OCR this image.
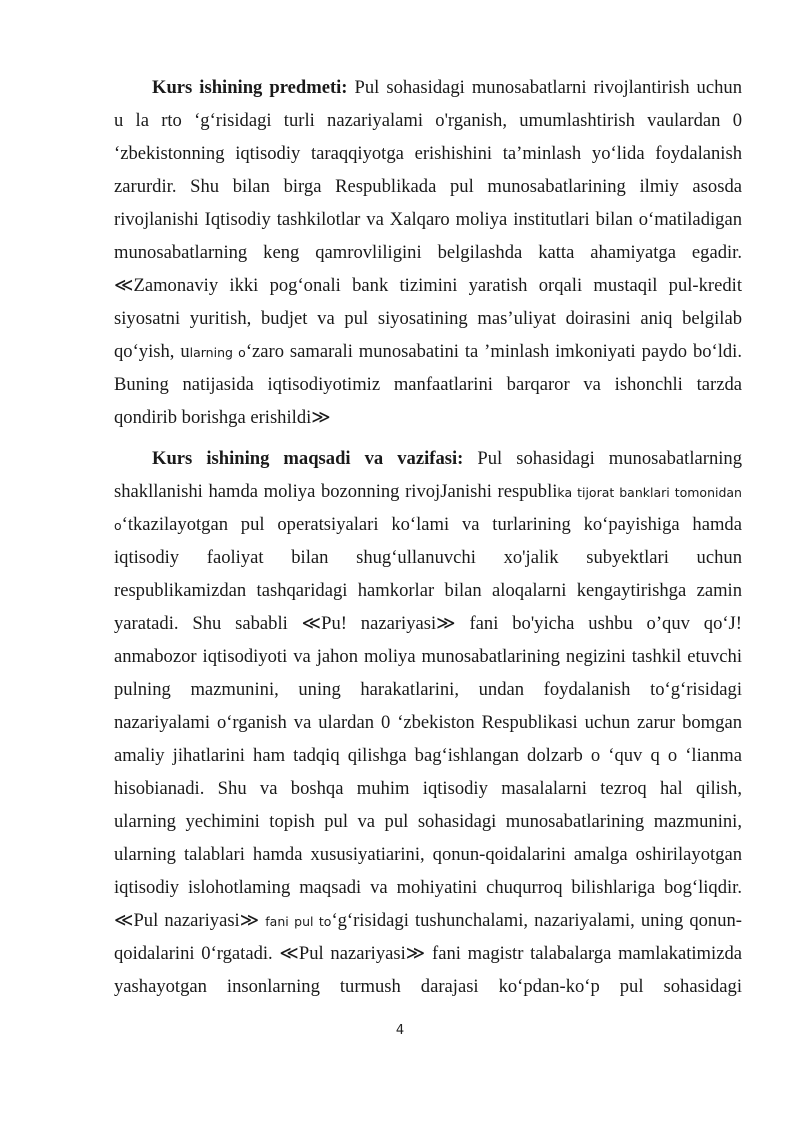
Kurs ishining predmeti: Pul sohasidagi munosabatlarni rivojlantirish uchun
u la rto ‘g‘risidagi turli nazariyalami o'rganish, umumlashtirish vaulardan 0
‘zbekistonning iqtisodiy taraqqiyotga erishishini ta’minlash yo‘lida foydalanish
zarurdir. Shu bilan birga Respublikada pul munosabatlarining ilmiy asosda
rivojlanishi Iqtisodiy tashkilotlar va Xalqaro moliya institutlari bilan o‘matiladigan
munosabatlarning keng qamrovliligini belgilashda katta ahamiyatga egadir.
≪Zamonaviy ikki pog‘onali bank tizimini yaratish orqali mustaqil pul-kredit
siyosatni yuritish, budjet va pul siyosatining mas’uliyat doirasini aniq belgilab
qo‘yish, ularning o‘zaro samarali munosabatini ta ’minlash imkoniyati paydo bo‘ldi.
Buning natijasida iqtisodiyotimiz manfaatlarini barqaror va ishonchli tarzda
qondirib borishga erishildi≫
Kurs ishining maqsadi va vazifasi: Pul sohasidagi munosabatlarning
shakllanishi hamda moliya bozonning rivojJanishi respublika tijorat banklari tomonidan
o‘tkazilayotgan pul operatsiyalari ko‘lami va turlarining ko‘payishiga hamda
iqtisodiy faoliyat bilan shug‘ullanuvchi xo'jalik subyektlari uchun
respublikamizdan tashqaridagi hamkorlar bilan aloqalarni kengaytirishga zamin
yaratadi. Shu sababli ≪Pu! nazariyasi≫ fani bo'yicha ushbu o’quv qo‘J!
anmabozor iqtisodiyoti va jahon moliya munosabatlarining negizini tashkil etuvchi
pulning mazmunini, uning harakatlarini, undan foydalanish to‘g‘risidagi
nazariyalami o‘rganish va ulardan 0 ‘zbekiston Respublikasi uchun zarur bomgan
amaliy jihatlarini ham tadqiq qilishga bag‘ishlangan dolzarb o ‘quv q o ‘lianma
hisobianadi. Shu va boshqa muhim iqtisodiy masalalarni tezroq hal qilish,
ularning yechimini topish pul va pul sohasidagi munosabatlarining mazmunini,
ularning talablari hamda xususiyatiarini, qonun-qoidalarini amalga oshirilayotgan
iqtisodiy islohotlaming maqsadi va mohiyatini chuqurroq bilishlariga bog‘liqdir.
≪Pul nazariyasi≫ fani pul to‘g‘risidagi tushunchalami, nazariyalami, uning qonun-
qoidalarini 0‘rgatadi. ≪Pul nazariyasi≫ fani magistr talabalarga mamlakatimizda
yashayotgan insonlarning turmush darajasi ko‘pdan-ko‘p pul sohasidagi
4
